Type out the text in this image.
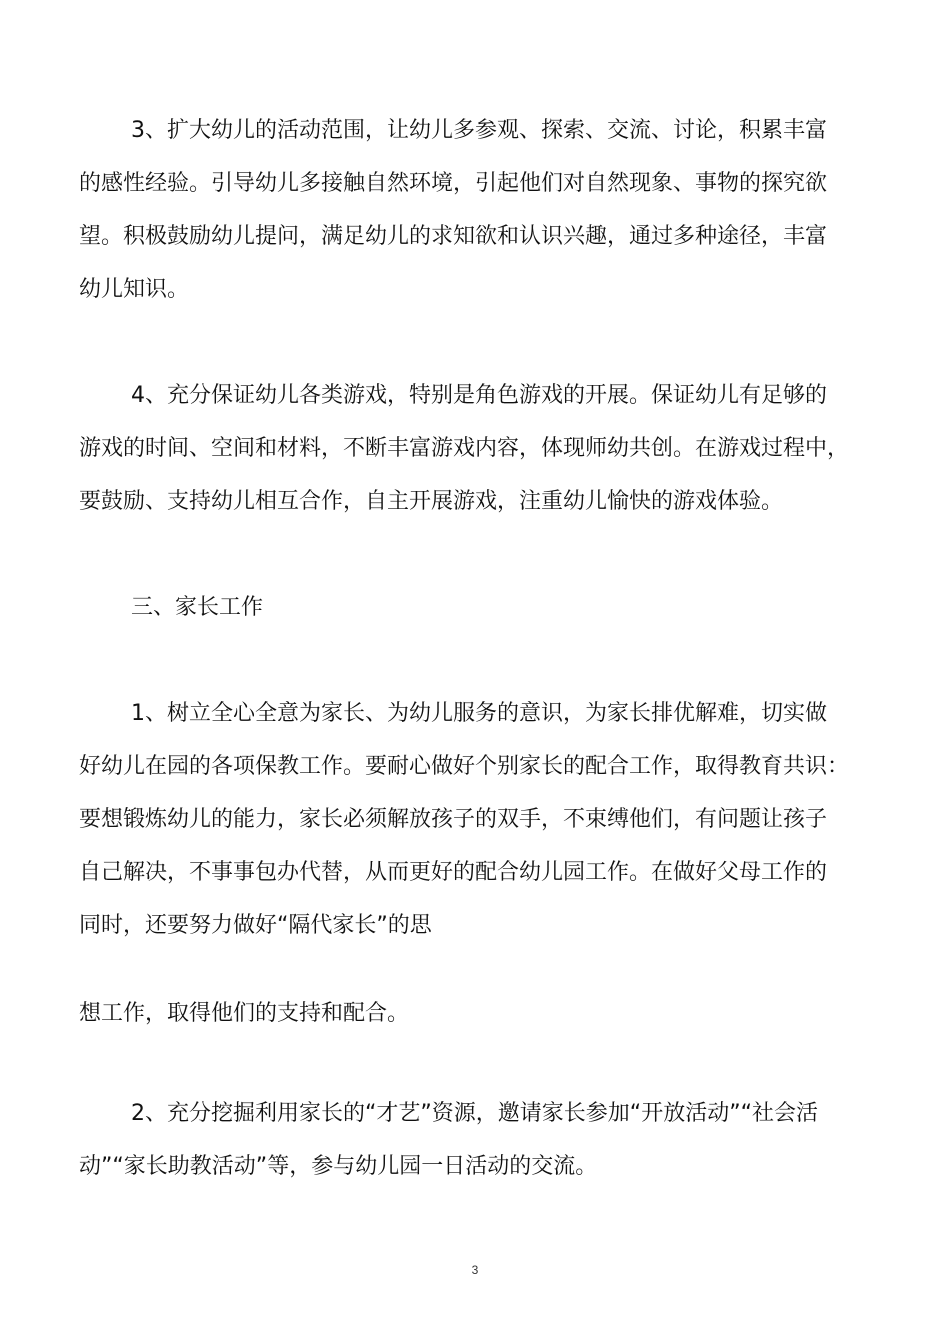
3、扩大幼儿的活动范围，让幼儿多参观、探索、交流、讨论，积累丰富
的感性经验。引导幼儿多接触自然环境，引起他们对自然现象、事物的探究欲
望。积极鼓励幼儿提问，满足幼儿的求知欲和认识兴趣，通过多种途径，丰富
幼儿知识。
4、充分保证幼儿各类游戏，特别是角色游戏的开展。保证幼儿有足够的
游戏的时间、空间和材料，不断丰富游戏内容，体现师幼共创。在游戏过程中，
要鼓励、支持幼儿相互合作，自主开展游戏，注重幼儿愉快的游戏体验。
三、家长工作
1、树立全心全意为家长、为幼儿服务的意识，为家长排优解难，切实做
好幼儿在园的各项保教工作。要耐心做好个别家长的配合工作，取得教育共识：
要想锻炼幼儿的能力，家长必须解放孩子的双手，不束缚他们，有问题让孩子
自己解决，不事事包办代替，从而更好的配合幼儿园工作。在做好父母工作的
同时，还要努力做好“隔代家长”的思
想工作，取得他们的支持和配合。
2、充分挖掘利用家长的“才艺”资源，邀请家长参加“开放活动”“社会活
动”“家长助教活动”等，参与幼儿园一日活动的交流。
3
